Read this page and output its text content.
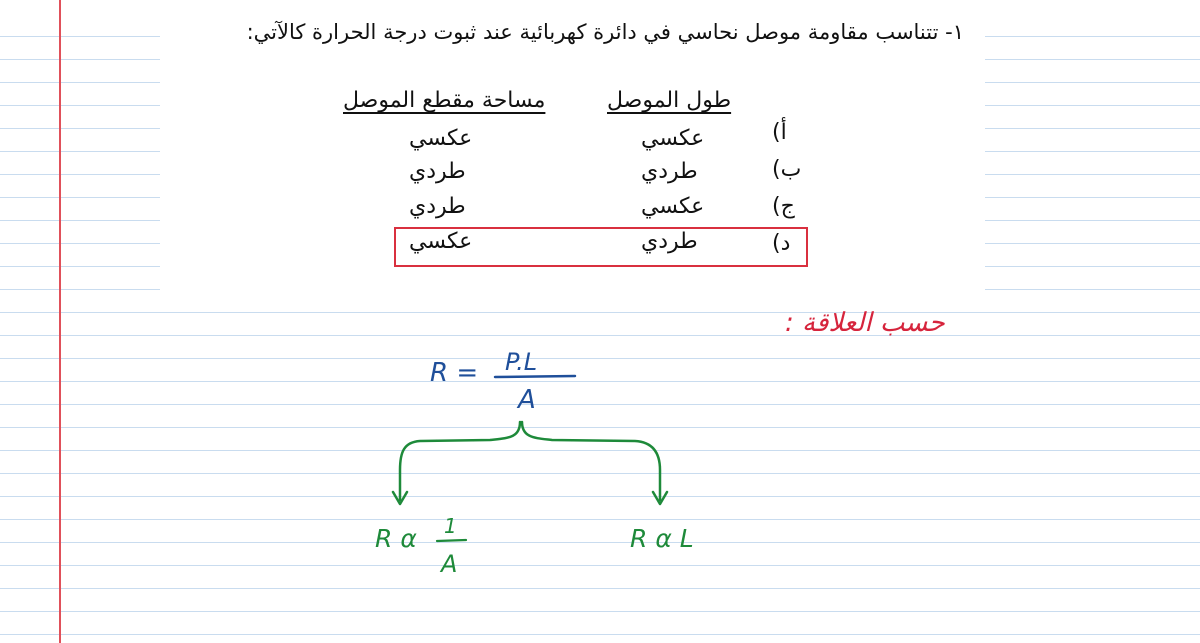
١- تتناسب مقاومة موصل نحاسي في دائرة كهربائية عند ثبوت درجة الحرارة كالآتي:
طول الموصل
مساحة مقطع الموصل
أ)
ب)
ج)
د)
عكسي
طردي
عكسي
طردي
عكسي
طردي
طردي
عكسي
حسب العلاقة :
R = P.L
A
R α 1
A
R α L
